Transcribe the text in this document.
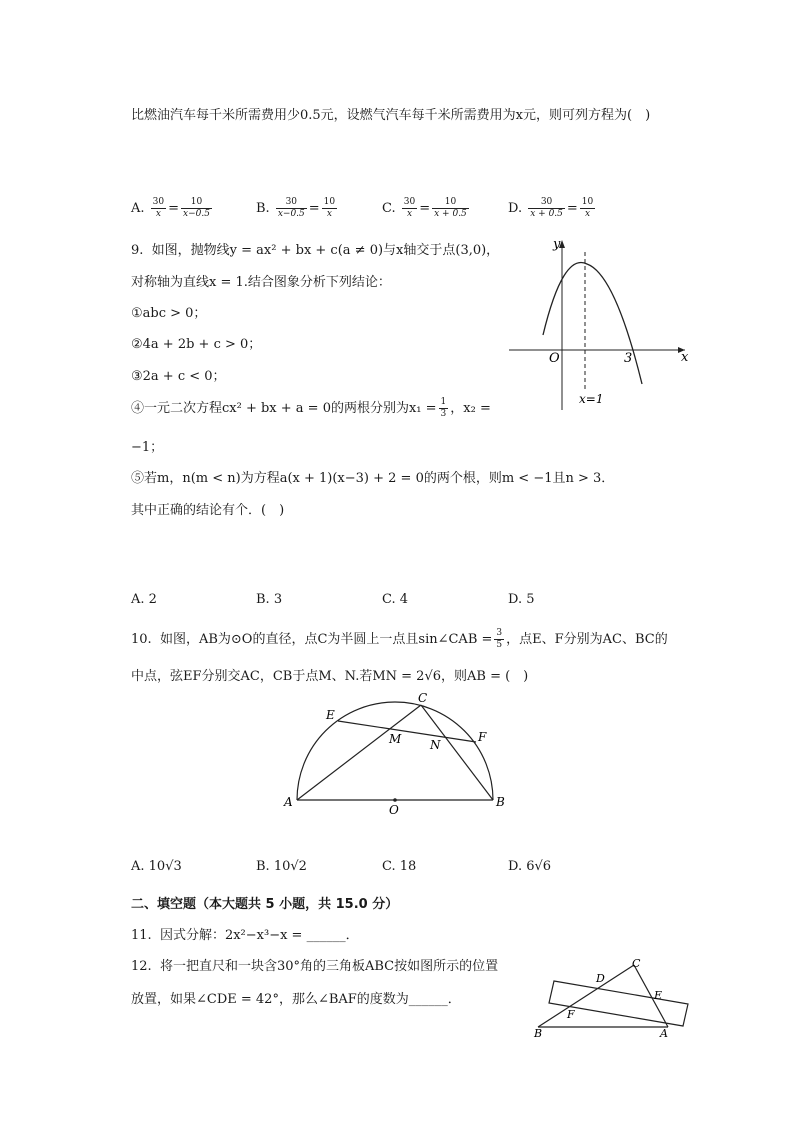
比燃油汽车每千米所需费用少0.5元，设燃气汽车每千米所需费用为x元，则可列方程为(　)
A. $\frac{30}{x} = \frac{10}{x-0.5}$	B. $\frac{30}{x-0.5} = \frac{10}{x}$	C. $\frac{30}{x} = \frac{10}{x + 0.5}$	D. $\frac{30}{x + 0.5} = \frac{10}{x}$
9. 如图，抛物线y = ax² + bx + c(a ≠ 0)与x轴交于点(3,0)，
对称轴为直线x = 1.结合图象分析下列结论：
①abc > 0；
②4a + 2b + c > 0；
③2a + c < 0；
④一元二次方程cx² + bx + a = 0的两根分别为$x_1 = \frac{1}{3}$ ，x₂ =
−1；
⑤若m，n(m < n)为方程a(x + 1)(x−3) + 2 = 0的两个根，则m < −1且n > 3．
其中正确的结论有个．(　)
y
x
O	3
x=1
A. 2	B. 3	C. 4	D. 5
10. 如图，AB为⊙O的直径，点C为半圆上一点且sin∠CAB = $\frac{3}{5}$ ，点E、F分别为AC、BC的
中点，弦EF分别交AC，CB于点M、N.若MN = 2√6，则AB = (　)
A	B
C
E
F
M N
O
A. 10√3	B. 10√2	C. 18	D. 6√6
二、填空题（本大题共 5 小题，共 15.0 分）
11. 因式分解：2x²−x³−x = ______．
12. 将一把直尺和一块含30°角的三角板ABC按如图所示的位置
放置，如果∠CDE = 42°，那么∠BAF的度数为______．
B	A
C
D
E
F
